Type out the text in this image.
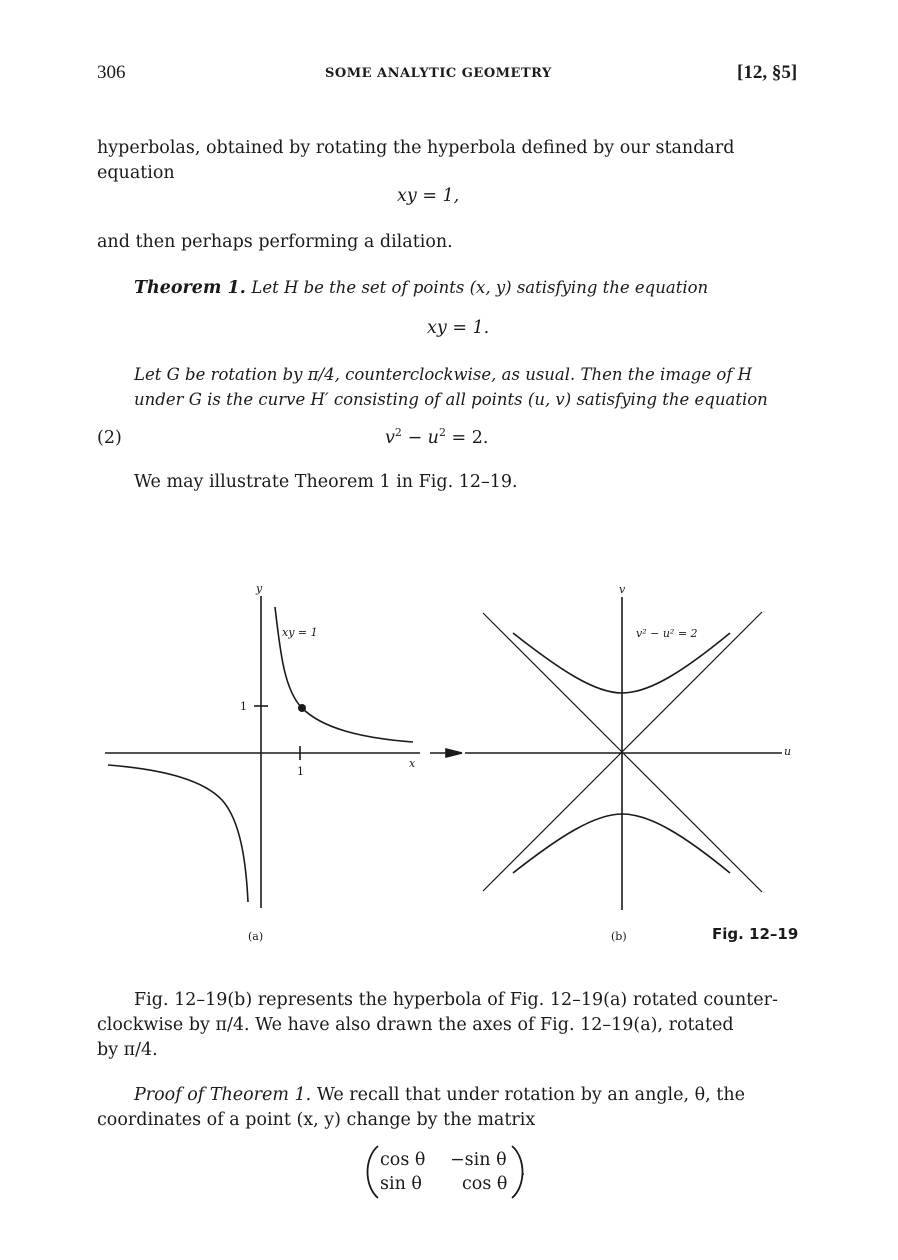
306	SOME ANALYTIC GEOMETRY	[12, §5]
hyperbolas, obtained by rotating the hyperbola defined by our standard
equation
xy = 1,
and then perhaps performing a dilation.
Theorem 1. Let H be the set of points (x, y) satisfying the equation
xy = 1.
Let G be rotation by π/4, counterclockwise, as usual. Then the image of H
under G is the curve H′ consisting of all points (u, v) satisfying the equation
(2)	$v^2 - u^2 = 2$.
We may illustrate Theorem 1 in Fig. 12–19.
y
xy = 1
1
1
x
(a)
v
v² − u² = 2
u
(b)	Fig. 12–19
Fig. 12–19(b) represents the hyperbola of Fig. 12–19(a) rotated counter-
clockwise by π/4. We have also drawn the axes of Fig. 12–19(a), rotated
by π/4.
Proof of Theorem 1. We recall that under rotation by an angle, θ, the
coordinates of a point (x, y) change by the matrix
cos θ −sin θ
sin θ cos θ
.
